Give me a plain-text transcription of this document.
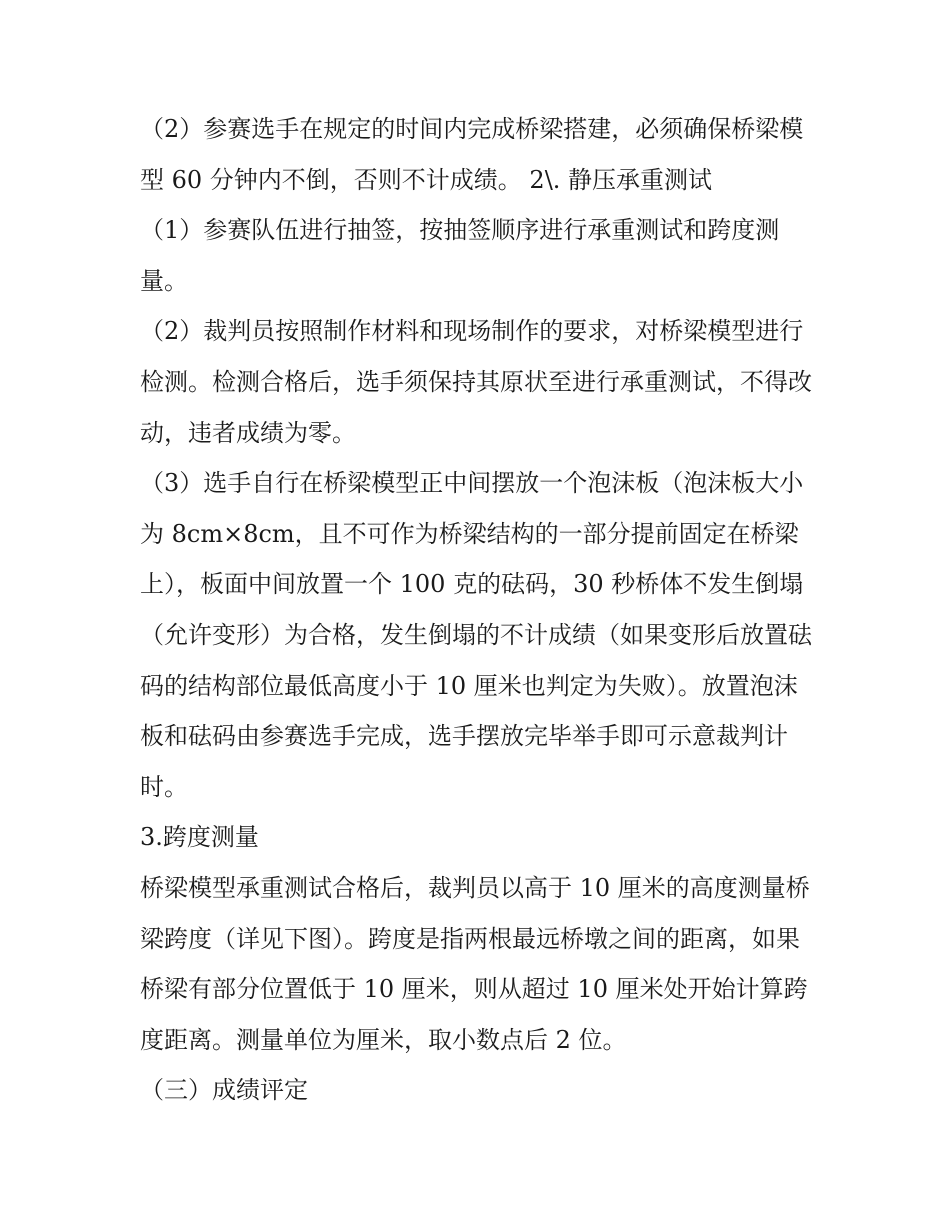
（2）参赛选手在规定的时间内完成桥梁搭建，必须确保桥梁模型 60 分钟内不倒，否则不计成绩。 2\. 静压承重测试

（1）参赛队伍进行抽签，按抽签顺序进行承重测试和跨度测量。

（2）裁判员按照制作材料和现场制作的要求，对桥梁模型进行检测。检测合格后，选手须保持其原状至进行承重测试，不得改动，违者成绩为零。

（3）选手自行在桥梁模型正中间摆放一个泡沫板（泡沫板大小为 8cm×8cm，且不可作为桥梁结构的一部分提前固定在桥梁上），板面中间放置一个 100 克的砝码，30 秒桥体不发生倒塌（允许变形）为合格，发生倒塌的不计成绩（如果变形后放置砝码的结构部位最低高度小于 10 厘米也判定为失败）。放置泡沫板和砝码由参赛选手完成，选手摆放完毕举手即可示意裁判计时。

3.跨度测量

桥梁模型承重测试合格后，裁判员以高于 10 厘米的高度测量桥梁跨度（详见下图）。跨度是指两根最远桥墩之间的距离，如果桥梁有部分位置低于 10 厘米，则从超过 10 厘米处开始计算跨度距离。测量单位为厘米，取小数点后 2 位。

（三）成绩评定
